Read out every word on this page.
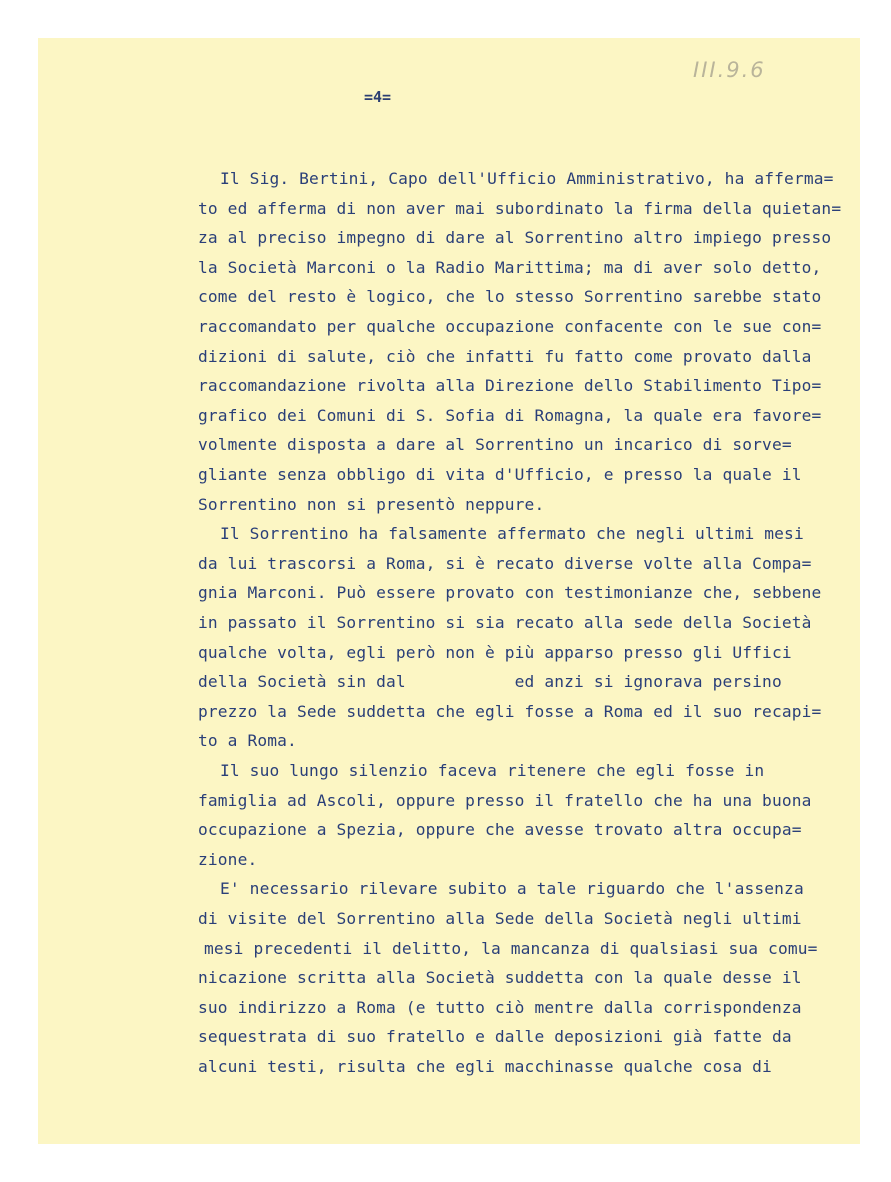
III.9.6
=4=
Il Sig. Bertini, Capo dell'Ufficio Amministrativo, ha afferma=
to ed afferma di non aver mai subordinato la firma della quietan=
za al preciso impegno di dare al Sorrentino altro impiego presso
la Società Marconi o la Radio Marittima; ma di aver solo detto,
come del resto è logico, che lo stesso Sorrentino sarebbe stato
raccomandato per qualche occupazione confacente con le sue con=
dizioni di salute, ciò che infatti fu fatto come provato dalla
raccomandazione rivolta alla Direzione dello Stabilimento Tipo=
grafico dei Comuni di S. Sofia di Romagna, la quale era favore=
volmente disposta a dare al Sorrentino un incarico di sorve=
gliante senza obbligo di vita d'Ufficio, e presso la quale il
Sorrentino non si presentò neppure.
Il Sorrentino ha falsamente affermato che negli ultimi mesi
da lui trascorsi a Roma, si è recato diverse volte alla Compa=
gnia Marconi. Può essere provato con testimonianze che, sebbene
in passato il Sorrentino si sia recato alla sede della Società
qualche volta, egli però non è più apparso presso gli Uffici
della Società sin dal           ed anzi si ignorava persino
prezzo la Sede suddetta che egli fosse a Roma ed il suo recapi=
to a Roma.
Il suo lungo silenzio faceva ritenere che egli fosse in
famiglia ad Ascoli, oppure presso il fratello che ha una buona
occupazione a Spezia, oppure che avesse trovato altra occupa=
zione.
E' necessario rilevare subito a tale riguardo che l'assenza
di visite del Sorrentino alla Sede della Società negli ultimi
mesi precedenti il delitto, la mancanza di qualsiasi sua comu=
nicazione scritta alla Società suddetta con la quale desse il
suo indirizzo a Roma (e tutto ciò mentre dalla corrispondenza
sequestrata di suo fratello e dalle deposizioni già fatte da
alcuni testi, risulta che egli macchinasse qualche cosa di
